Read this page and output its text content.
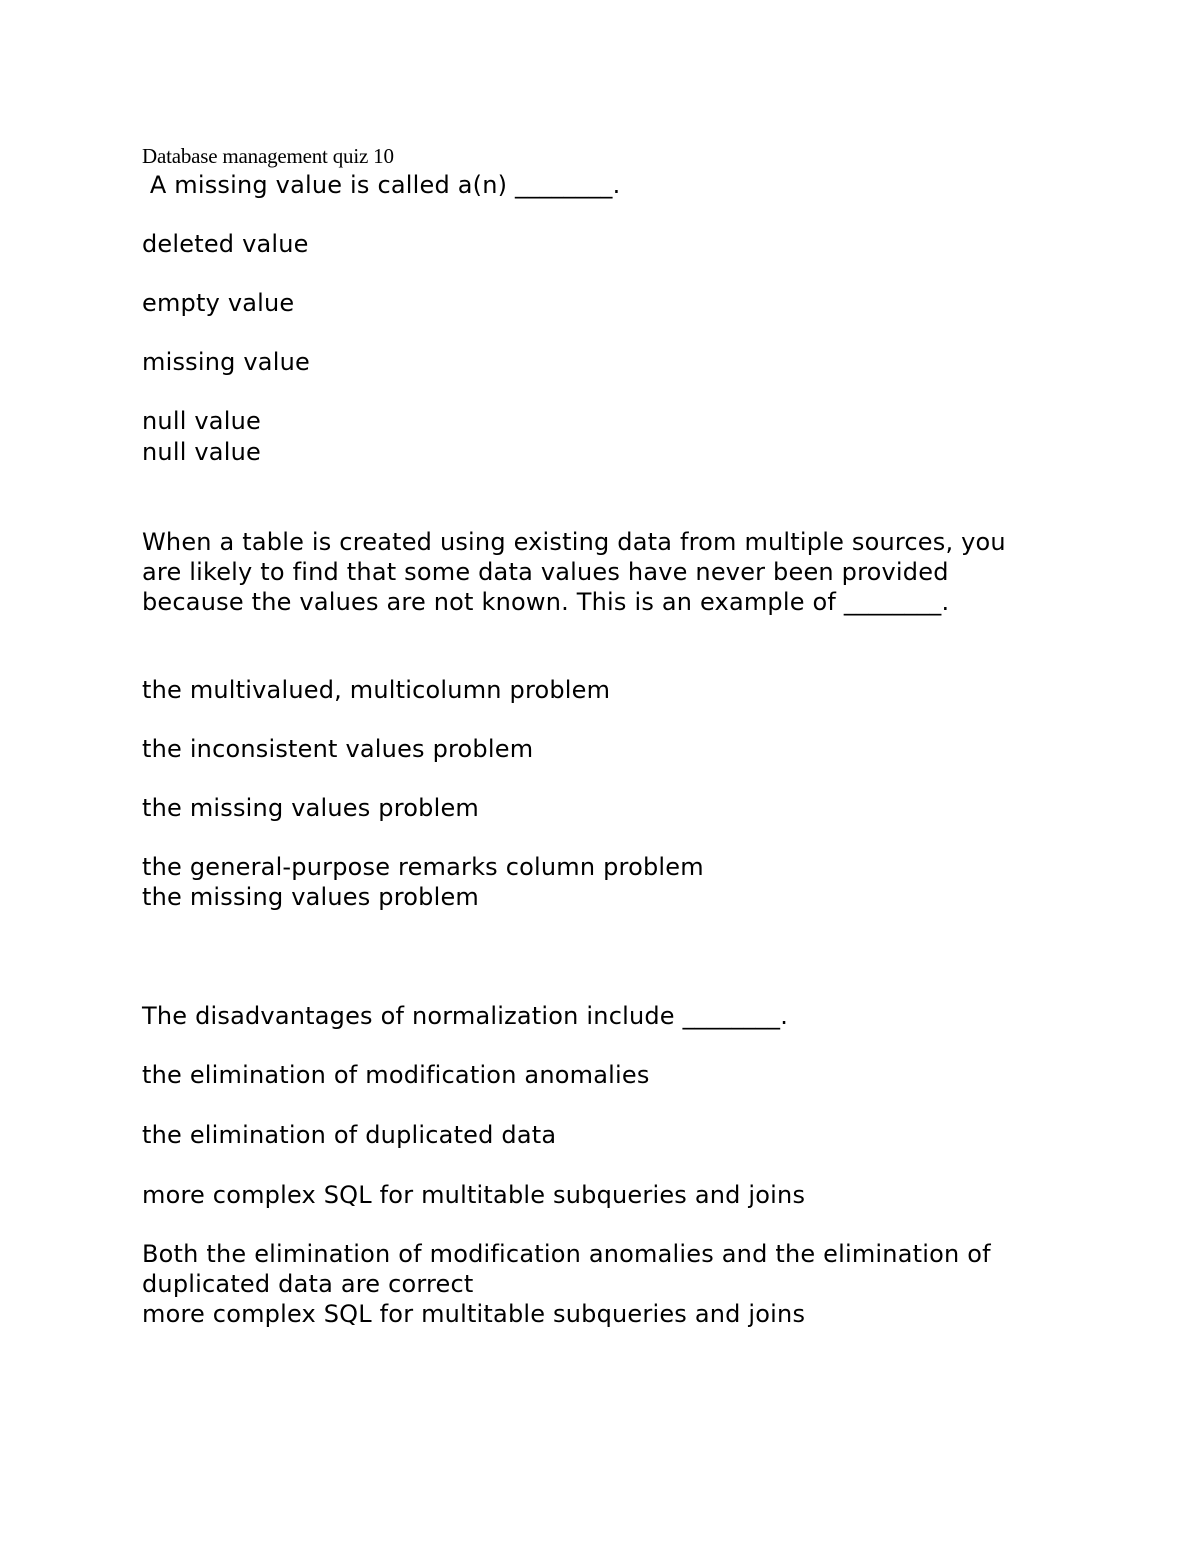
Database management quiz 10
A missing value is called a(n) ________.
deleted value
empty value
missing value
null value
null value
When a table is created using existing data from multiple sources, you
are likely to find that some data values have never been provided
because the values are not known. This is an example of ________.
the multivalued, multicolumn problem
the inconsistent values problem
the missing values problem
the general-purpose remarks column problem
the missing values problem
The disadvantages of normalization include ________.
the elimination of modification anomalies
the elimination of duplicated data
more complex SQL for multitable subqueries and joins
Both the elimination of modification anomalies and the elimination of
duplicated data are correct
more complex SQL for multitable subqueries and joins
